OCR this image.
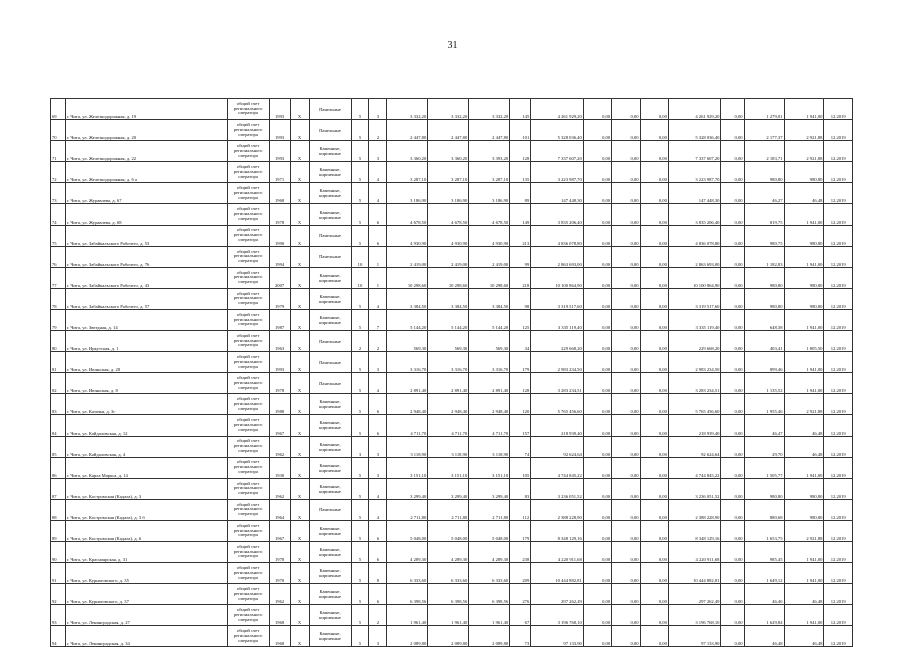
31
69	г. Чита, ул. Железнодорожная, д. 19	общий счет регионального оператора	1993	Х	Панельные	5	3	3 332,20	3 332,20	3 332,20	145	4 261 929,20	0,00	0,00	0,00	4 261 929,20	0,00	1 279,01	1 941,00	12.2019
70	г. Чита, ул. Железнодорожная, д. 20	общий счет регионального оператора	1993	Х	Панельные	5	2	2 447,80	2 447,80	2 447,80	101	5 328 036,40	0,00	0,00	0,00	5 328 036,40	0,00	2 177,37	2 921,88	12.2019
71	г. Чита, ул. Железнодорожная, д. 22	общий счет регионального оператора	1993	Х	Каменные, кирпичные	5	3	3 360,20	3 360,20	3 393,20	128	7 337 607,20	0,00	0,00	0,00	7 337 607,20	0,00	2 183,71	2 921,88	12.2019
72	г. Чита, ул. Железнодорожная, д. 6 а	общий счет регионального оператора	1971	Х	Каменные, кирпичные	5	4	3 287,10	3 287,10	3 287,10	135	3 223 987,70	0,00	0,00	0,00	3 223 987,70	0,00	980,80	980,80	12.2019
73	г. Чита, ул. Журавлева, д. 67	общий счет регионального оператора	1968	Х	Каменные, кирпичные	5	4	3 186,90	3 186,90	3 186,90	89	147 448,30	0,00	0,00	0,00	147 448,30	0,00	46,27	46,48	12.2019
74	г. Чита, ул. Журавлева, д. 68	общий счет регионального оператора	1978	Х	Каменные, кирпичные	5	6	4 678,50	4 678,50	4 678,50	149	3 835 206,40	0,00	0,00	0,00	3 835 206,40	0,00	819,75	1 941,00	12.2019
75	г. Чита, ул. Забайкальского Рабочего, д. 53	общий счет регионального оператора	1990	Х	Панельные	5	6	4 930,90	4 930,90	4 930,90	213	4 836 078,80	0,00	0,00	0,00	4 836 078,80	0,00	980,75	980,80	12.2019
76	г. Чита, ул. Забайкальского Рабочего, д. 76	общий счет регионального оператора	1994	Х	Панельные	10	1	2 419,00	2 419,00	2 419,00	99	2 863 693,00	0,00	0,00	0,00	2 863 693,00	0,00	1 182,83	1 941,00	12.2019
77	г. Чита, ул. Забайкальского Рабочего, д. 43	общий счет регионального оператора	2007	Х	Каменные, кирпичные	10	1	10 298,60	10 298,60	10 298,60	218	10 100 864,90	0,00	0,00	0,00	10 100 864,90	0,00	980,80	980,80	12.2019
78	г. Чита, ул. Забайкальского Рабочего, д. 57	общий счет регионального оператора	1979	Х	Каменные, кирпичные	5	4	3 384,50	3 384,50	3 384,50	98	3 319 517,60	0,00	0,00	0,00	3 319 517,60	0,00	980,80	980,80	12.2019
79	г. Чита, ул. Звездная, д. 14	общий счет регионального оператора	1987	Х	Каменные, кирпичные	5	7	5 144,20	5 144,20	5 144,20	125	3 335 119,40	0,00	0,00	0,00	3 335 119,40	0,00	648,38	1 941,00	12.2019
80	г. Чита, ул. Иркутская, д. 1	общий счет регионального оператора	1963	Х	Панельные	2	2	569,30	569,30	569,30	34	229 668,20	0,00	0,00	0,00	229 668,20	0,00	403,41	1 805,50	12.2019
81	г. Чита, ул. Июньская, д. 28	общий счет регионального оператора	1993	Х	Панельные	5	3	3 316,70	3 316,70	3 316,70	179	2 983 234,50	0,00	0,00	0,00	2 983 234,50	0,00	899,46	1 941,00	12.2019
82	г. Чита, ул. Июньская, д. 8	общий счет регионального оператора	1978	Х	Панельные	5	4	2 891,40	2 891,40	2 891,40	128	3 283 234,51	0,00	0,00	0,00	3 283 234,51	0,00	1 135,52	1 941,00	12.2019
83	г. Чита, ул. Казачья, д. 3г	общий счет регионального оператора	1988	Х	Каменные, кирпичные	5	6	2 948,40	2 948,40	2 948,40	120	5 765 456,60	0,00	0,00	0,00	5 765 456,60	0,00	1 955,46	2 921,88	12.2019
84	г. Чита, ул. Кайдаловская, д. 12	общий счет регионального оператора	1967	Х	Каменные, кирпичные	5	6	4 711,70	4 711,70	4 711,70	157	218 939,40	0,00	0,00	0,00	218 939,40	0,00	46,47	46,48	12.2019
85	г. Чита, ул. Кайдаловская, д. 4	общий счет регионального оператора	1962	Х	Каменные, кирпичные	3	3	3 118,90	3 118,90	3 118,90	74	92 624,64	0,00	0,00	0,00	92 624,64	0,00	29,70	46,48	12.2019
86	г. Чита, ул. Карла Маркса, д. 14	общий счет регионального оператора	1930	Х	Каменные, кирпичные	5	3	3 151,10	3 151,10	3 151,10	105	4 744 845,22	0,00	0,00	0,00	4 744 845,22	0,00	1 505,77	1 941,00	12.2019
87	г. Чита, ул. Костромская (Кадала), д. 3	общий счет регионального оператора	1962	Х	Каменные, кирпичные	5	4	3 299,40	3 299,40	3 299,40	83	3 236 051,52	0,00	0,00	0,00	3 236 051,52	0,00	980,80	980,80	12.2019
88	г. Чита, ул. Костромская (Кадала), д. 3 б	общий счет регионального оператора	1964	Х	Панельные	5	4	2 711,80	2 711,80	2 711,80	112	2 388 228,90	0,00	0,00	0,00	2 388 228,90	0,00	880,68	980,80	12.2019
89	г. Чита, ул. Костромская (Кадала), д. 6	общий счет регионального оператора	1967	Х	Каменные, кирпичные	5	6	5 048,00	5 048,00	5 048,00	179	8 348 129,16	0,00	0,00	0,00	8 348 129,16	0,00	1 653,75	2 921,88	12.2019
90	г. Чита, ул. Красноярская, д. 31	общий счет регионального оператора	1978	Х	Каменные, кирпичные	5	6	4 289,30	4 289,30	4 289,30	238	4 220 911,68	0,00	0,00	0,00	4 220 911,68	0,00	985,45	1 941,00	12.2019
91	г. Чита, ул. Курнатовского, д. 35	общий счет регионального оператора	1970	Х	Каменные, кирпичные	5	8	6 333,60	6 333,60	6 333,60	209	10 444 882,81	0,00	0,00	0,00	10 444 882,81	0,00	1 649,12	1 941,00	12.2019
92	г. Чита, ул. Курнатовского, д. 37	общий счет регионального оператора	1962	Х	Каменные, кирпичные	5	6	6 398,56	6 398,56	6 398,56	276	297 262,49	0,00	0,00	0,00	297 262,49	0,00	46,46	46,48	12.2019
93	г. Чита, ул. Ленинградская, д. 27	общий счет регионального оператора	1968	Х	Каменные, кирпичные	5	2	1 961,40	1 961,40	1 961,40	67	3 196 768,10	0,00	0,00	0,00	3 196 768,10	0,00	1 629,84	1 941,00	12.2019
94	г. Чита, ул. Ленинградская, д. 34	общий счет регионального оператора	1968	Х	Каменные, кирпичные	5	3	2 089,80	2 089,80	2 089,80	73	97 133,90	0,00	0,00	0,00	97 133,90	0,00	46,48	46,48	12.2019
